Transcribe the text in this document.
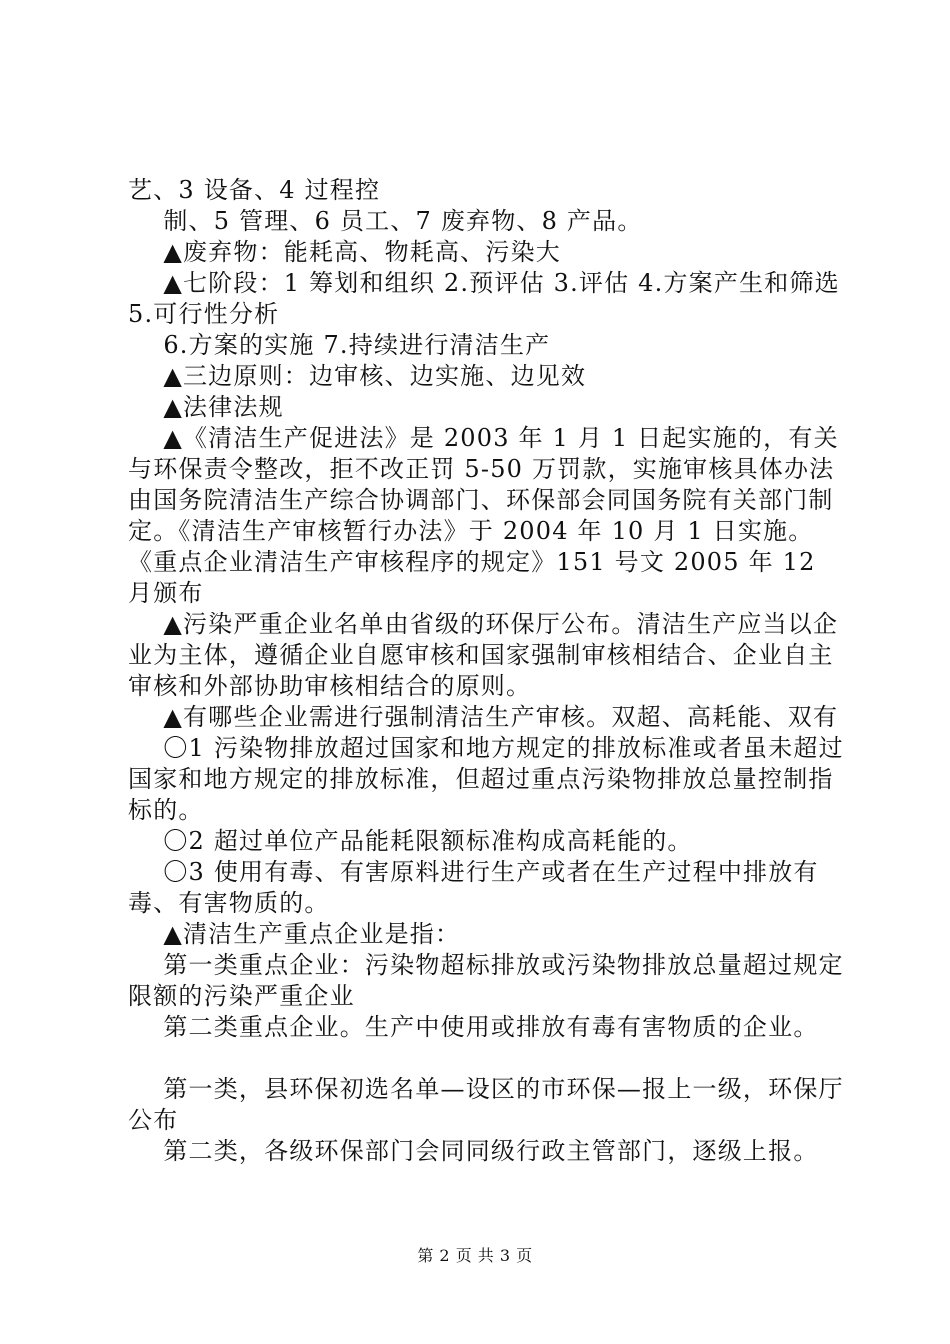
艺、3 设备、4 过程控

制、5 管理、6 员工、7 废弃物、8 产品。

▲废弃物：能耗高、物耗高、污染大

▲七阶段：1 筹划和组织 2.预评估 3.评估 4.方案产生和筛选 5.可行性分析

6.方案的实施 7.持续进行清洁生产

▲三边原则：边审核、边实施、边见效

▲法律法规

▲《清洁生产促进法》是 2003 年 1 月 1 日起实施的，有关与环保责令整改，拒不改正罚 5-50 万罚款，实施审核具体办法由国务院清洁生产综合协调部门、环保部会同国务院有关部门制定。《清洁生产审核暂行办法》于 2004 年 10 月 1 日实施。《重点企业清洁生产审核程序的规定》151 号文 2005 年 12 月颁布

▲污染严重企业名单由省级的环保厅公布。清洁生产应当以企业为主体，遵循企业自愿审核和国家强制审核相结合、企业自主审核和外部协助审核相结合的原则。

▲有哪些企业需进行强制清洁生产审核。双超、高耗能、双有

〇1 污染物排放超过国家和地方规定的排放标准或者虽未超过国家和地方规定的排放标准，但超过重点污染物排放总量控制指标的。

〇2 超过单位产品能耗限额标准构成高耗能的。

〇3 使用有毒、有害原料进行生产或者在生产过程中排放有毒、有害物质的。

▲清洁生产重点企业是指：

第一类重点企业：污染物超标排放或污染物排放总量超过规定限额的污染严重企业

第二类重点企业。生产中使用或排放有毒有害物质的企业。

第一类，县环保初选名单—设区的市环保—报上一级，环保厅公布

第二类，各级环保部门会同同级行政主管部门，逐级上报。

第 2 页 共 3 页
